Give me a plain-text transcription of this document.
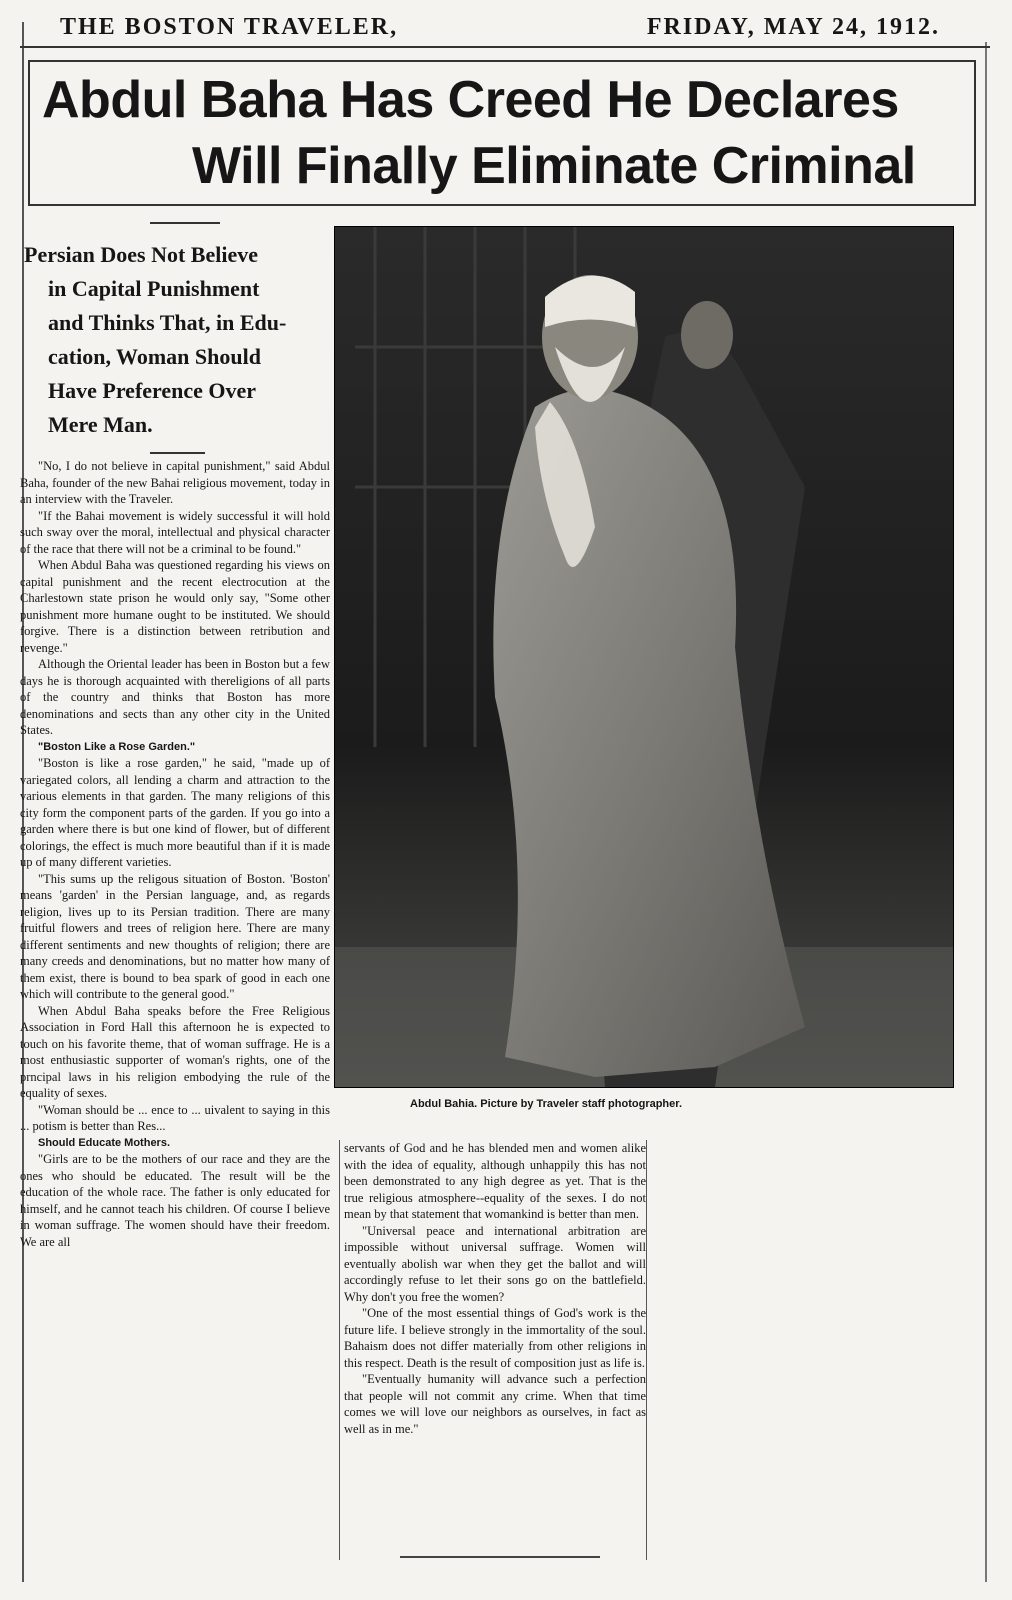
THE BOSTON TRAVELER,	FRIDAY, MAY 24, 1912.
Abdul Baha Has Creed He Declares
Will Finally Eliminate Criminal
Persian Does Not Believe
in Capital Punishment
and Thinks That, in Edu-
cation, Woman Should
Have Preference Over
Mere Man.

"No, I do not believe in capital punishment," said Abdul Baha, founder of the new Bahai religious movement, today in an interview with the Traveler.

"If the Bahai movement is widely successful it will hold such sway over the moral, intellectual and physical character of the race that there will not be a criminal to be found."

When Abdul Baha was questioned regarding his views on capital punishment and the recent electrocution at the Charlestown state prison he would only say, "Some other punishment more humane ought to be instituted. We should forgive. There is a distinction between retribution and revenge."

Although the Oriental leader has been in Boston but a few days he is thorough acquainted with thereligions of all parts of the country and thinks that Boston has more denominations and sects than any other city in the United States.

"Boston Like a Rose Garden."

"Boston is like a rose garden," he said, "made up of variegated colors, all lending a charm and attraction to the various elements in that garden. The many religions of this city form the component parts of the garden. If you go into a garden where there is but one kind of flower, but of different colorings, the effect is much more beautiful than if it is made up of many different varieties.

"This sums up the religous situation of Boston. 'Boston' means 'garden' in the Persian language, and, as regards religion, lives up to its Persian tradition. There are many fruitful flowers and trees of religion here. There are many different sentiments and new thoughts of religion; there are many creeds and denominations, but no matter how many of them exist, there is bound to bea spark of good in each one which will contribute to the general good."

When Abdul Baha speaks before the Free Religious Association in Ford Hall this afternoon he is expected to touch on his favorite theme, that of woman suffrage. He is a most enthusiastic supporter of woman's rights, one of the prncipal laws in his religion embodying the rule of the equality of sexes.

"Woman should be ... ence to ... uivalent to saying in this ... potism is better than Res...

Should Educate Mothers.

"Girls are to be the mothers of our race and they are the ones who should be educated. The result will be the education of the whole race. The father is only educated for himself, and he cannot teach his children. Of course I believe in woman suffrage. The women should have their freedom. We are all

Abdul Bahia. Picture by Traveler staff photographer.

servants of God and he has blended men and women alike with the idea of equality, although unhappily this has not been demonstrated to any high degree as yet. That is the true religious atmosphere--equality of the sexes. I do not mean by that statement that womankind is better than men.

"Universal peace and international arbitration are impossible without universal suffrage. Women will eventually abolish war when they get the ballot and will accordingly refuse to let their sons go on the battlefield. Why don't you free the women?

"One of the most essential things of God's work is the future life. I believe strongly in the immortality of the soul. Bahaism does not differ materially from other religions in this respect. Death is the result of composition just as life is.

"Eventually humanity will advance such a perfection that people will not commit any crime. When that time comes we will love our neighbors as ourselves, in fact as well as in me."
